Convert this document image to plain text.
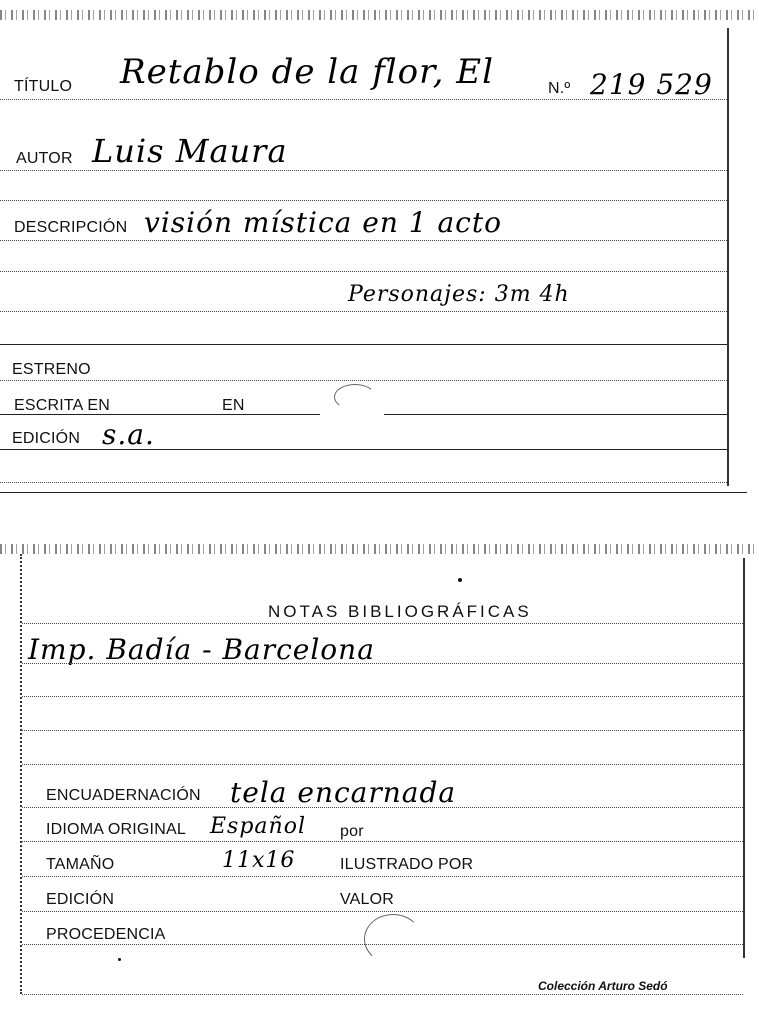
TÍTULO Retablo de la flor, El	N.º 219 529
AUTOR Luis Maura
DESCRIPCIÓN visión mística en 1 acto
Personajes: 3m 4h
ESTRENO
ESCRITA EN	EN
EDICIÓN s.a.
NOTAS BIBLIOGRÁFICAS
Imp. Badía - Barcelona
ENCUADERNACIÓN tela encarnada
IDIOMA ORIGINAL Español por
TAMAÑO	11x16	ILUSTRADO POR
EDICIÓN	VALOR
PROCEDENCIA
Colección Arturo Sedó
